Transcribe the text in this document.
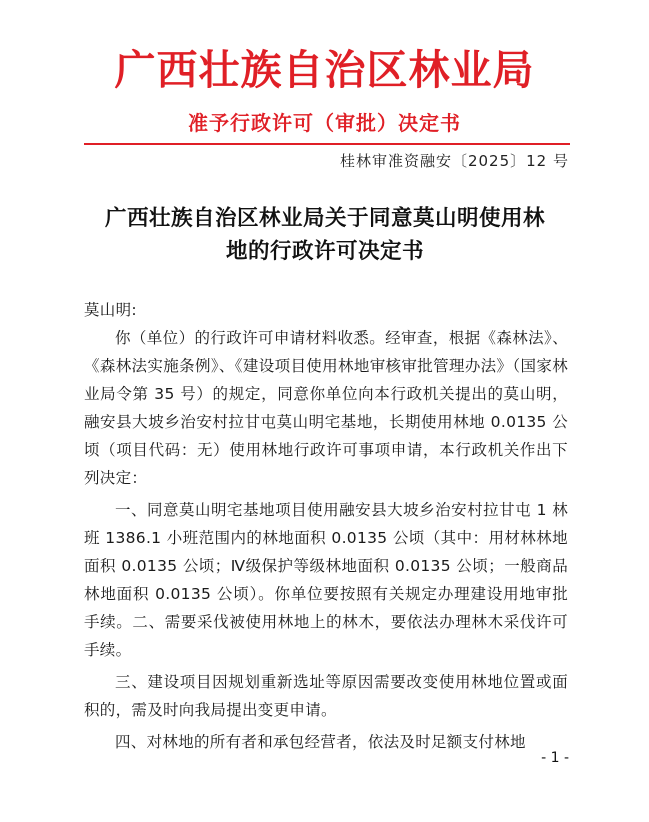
广西壮族自治区林业局
准予行政许可（审批）决定书
桂林审准资融安〔2025〕12 号
广西壮族自治区林业局关于同意莫山明使用林
地的行政许可决定书

莫山明:

你（单位）的行政许可申请材料收悉。经审查，根据《森林法》、《森林法实施条例》、《建设项目使用林地审核审批管理办法》（国家林业局令第 35 号）的规定，同意你单位向本行政机关提出的莫山明，融安县大坡乡治安村拉甘屯莫山明宅基地，长期使用林地 0.0135 公顷（项目代码：无）使用林地行政许可事项申请，本行政机关作出下列决定：

一、同意莫山明宅基地项目使用融安县大坡乡治安村拉甘屯 1 林班 1386.1 小班范围内的林地面积 0.0135 公顷（其中：用材林林地面积 0.0135 公顷；Ⅳ级保护等级林地面积 0.0135 公顷；一般商品林地面积 0.0135 公顷）。你单位要按照有关规定办理建设用地审批手续。二、需要采伐被使用林地上的林木，要依法办理林木采伐许可手续。

三、建设项目因规划重新选址等原因需要改变使用林地位置或面积的，需及时向我局提出变更申请。

四、对林地的所有者和承包经营者，依法及时足额支付林地

- 1 -
